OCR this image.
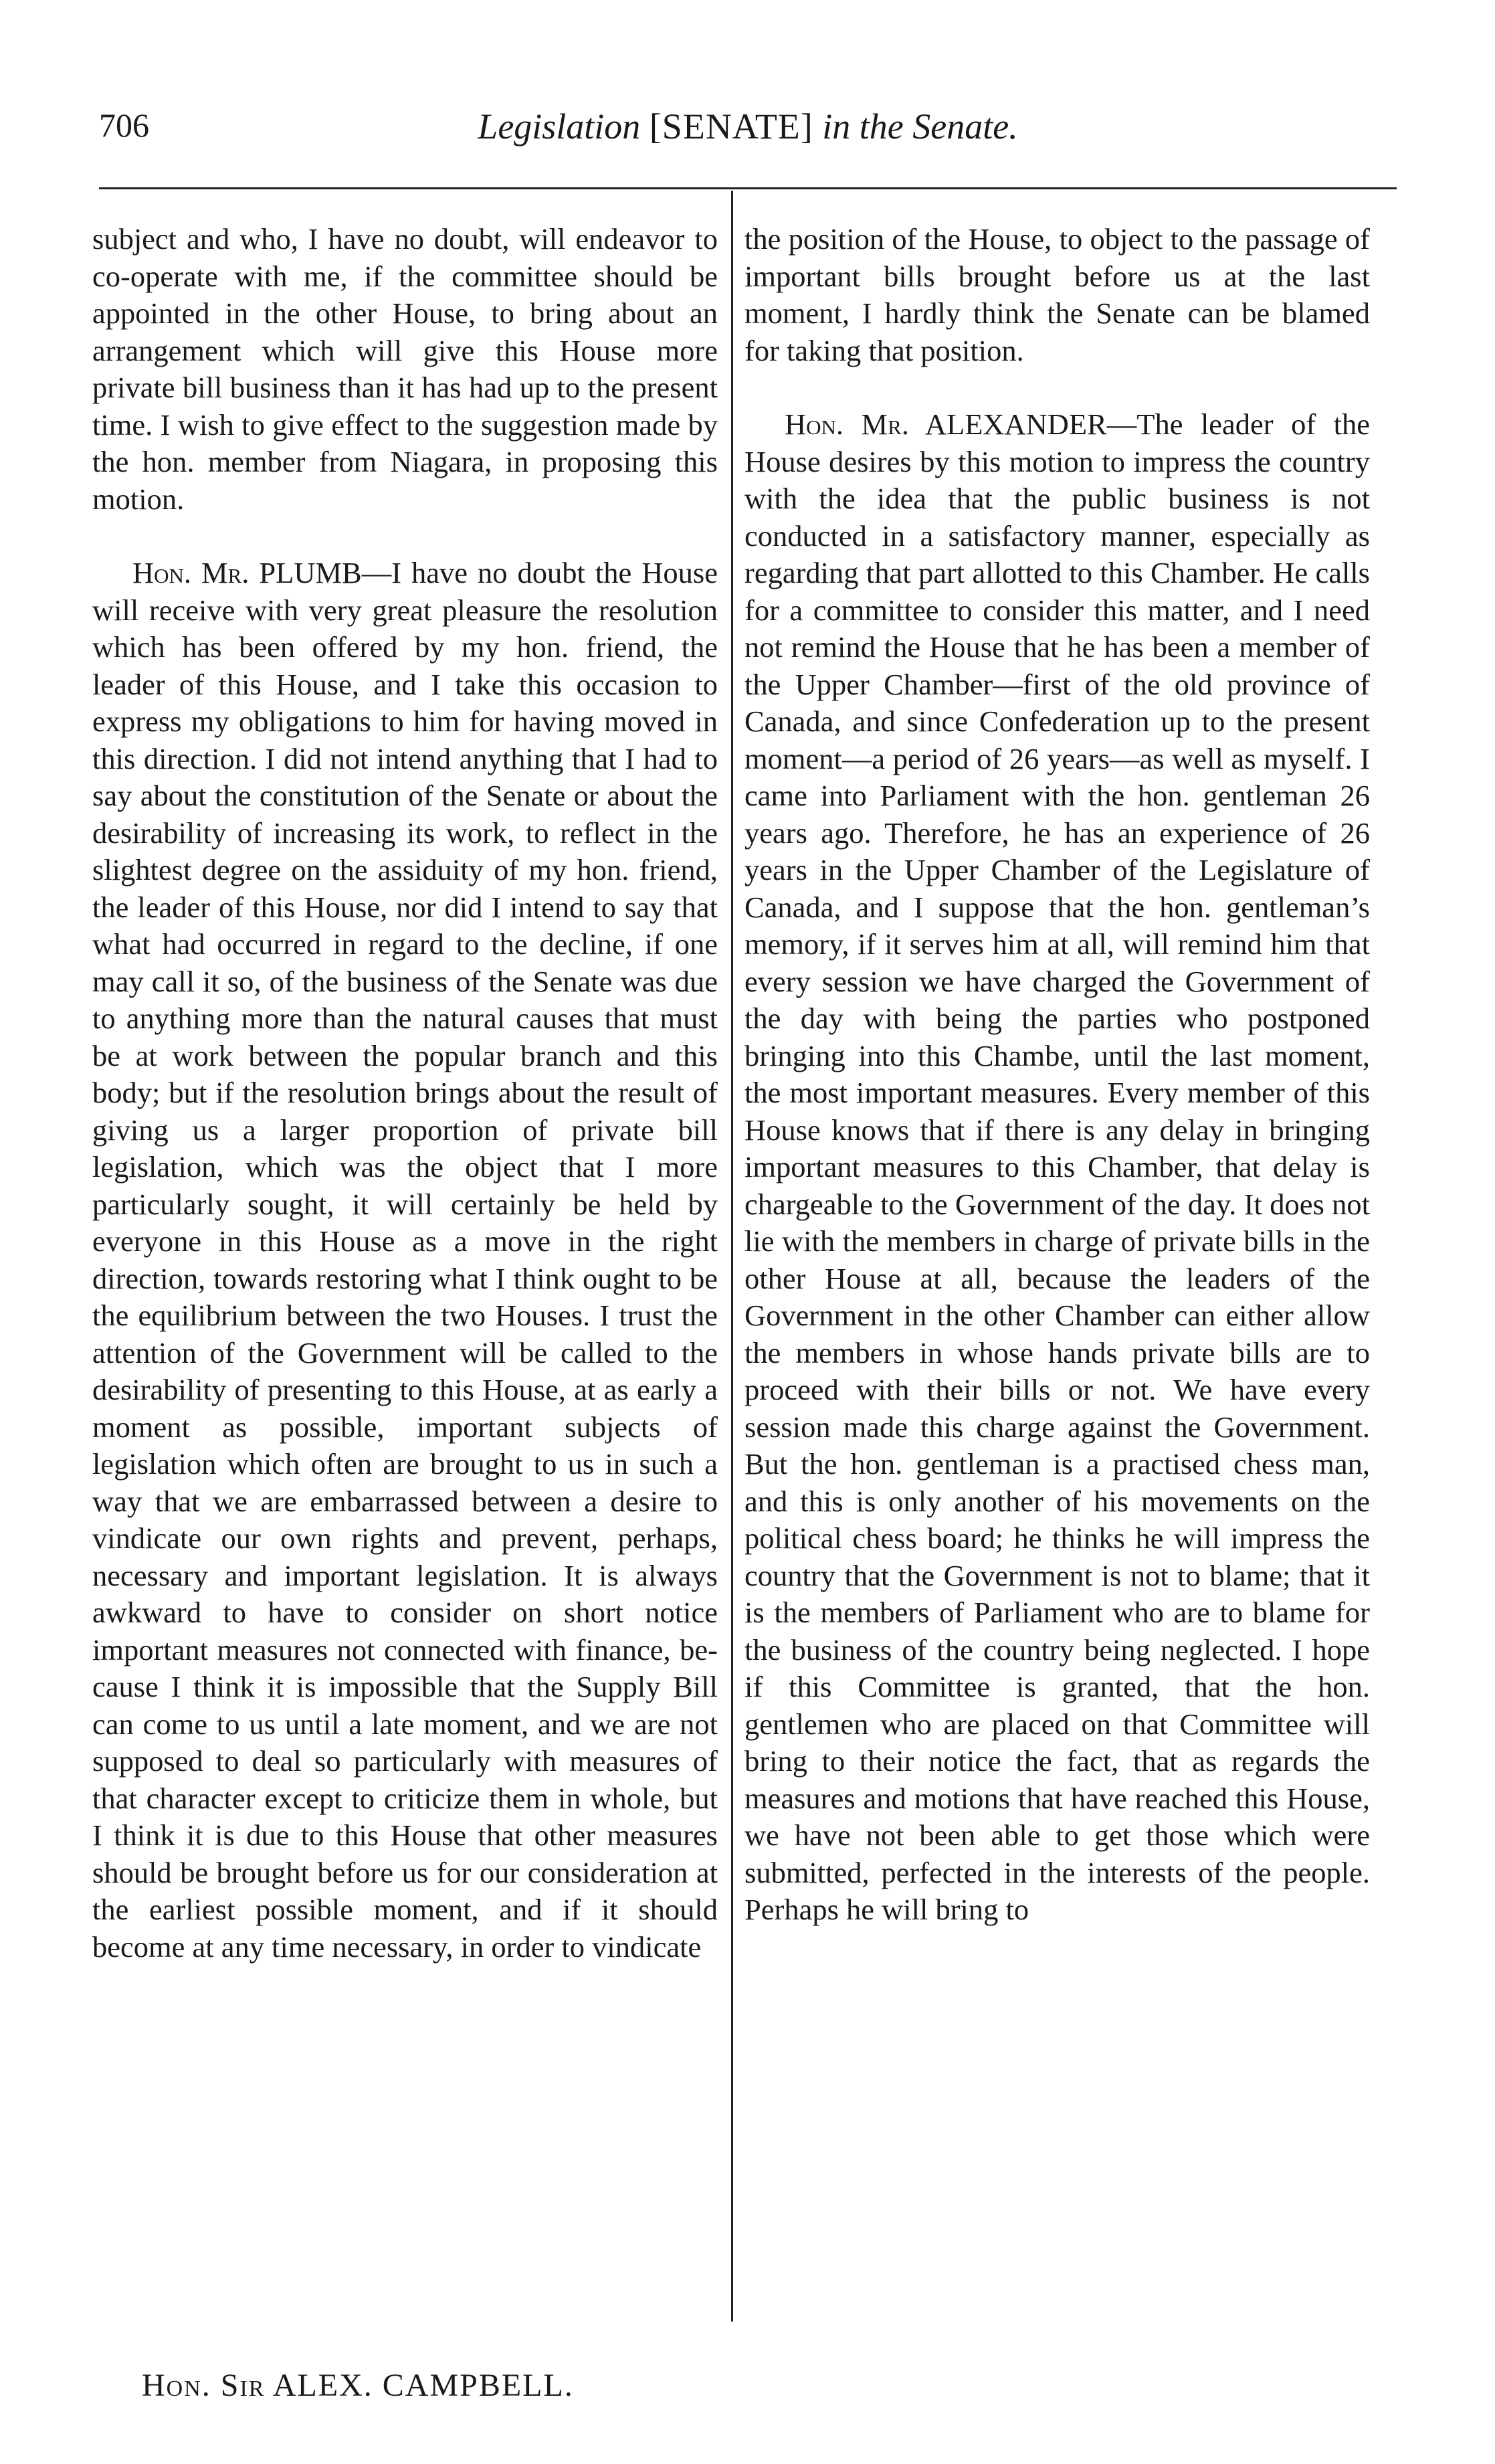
706	Legislation [SENATE] in the Senate.

subject and who, I have no doubt, will endeavor to co-operate with me, if the committee should be appointed in the other House, to bring about an arrangement which will give this House more private bill business than it has had up to the present time. I wish to give effect to the suggestion made by the hon. member from Niagara, in proposing this motion.

Hon. Mr. PLUMB—I have no doubt the House will receive with very great pleasure the resolution which has been offered by my hon. friend, the leader of this House, and I take this occasion to express my obligations to him for having moved in this direction. I did not intend anything that I had to say about the constitution of the Senate or about the desirability of increasing its work, to reflect in the slightest degree on the assiduity of my hon. friend, the leader of this House, nor did I intend to say that what had occurred in regard to the decline, if one may call it so, of the business of the Senate was due to anything more than the natural causes that must be at work between the popular branch and this body; but if the resolution brings about the result of giving us a larger proportion of private bill legislation, which was the object that I more particularly sought, it will certainly be held by everyone in this House as a move in the right direction, towards restoring what I think ought to be the equilibrium between the two Houses. I trust the attention of the Government will be called to the desirability of presenting to this House, at as early a moment as possible, important subjects of legislation which often are brought to us in such a way that we are embarrassed between a desire to vindicate our own rights and prevent, perhaps, necessary and important legislation. It is always awkward to have to consider on short notice important measures not connected with finance, because I think it is impossible that the Supply Bill can come to us until a late moment, and we are not supposed to deal so particularly with measures of that character except to criticize them in whole, but I think it is due to this House that other measures should be brought before us for our consideration at the earliest possible moment, and if it should become at any time necessary, in order to vindicate

the position of the House, to object to the passage of important bills brought before us at the last moment, I hardly think the Senate can be blamed for taking that position.

Hon. Mr. ALEXANDER—The leader of the House desires by this motion to impress the country with the idea that the public business is not conducted in a satisfactory manner, especially as regarding that part allotted to this Chamber. He calls for a committee to consider this matter, and I need not remind the House that he has been a member of the Upper Chamber—first of the old province of Canada, and since Confederation up to the present moment—a period of 26 years—as well as myself. I came into Parliament with the hon. gentleman 26 years ago. Therefore, he has an experience of 26 years in the Upper Chamber of the Legislature of Canada, and I suppose that the hon. gentleman’s memory, if it serves him at all, will remind him that every session we have charged the Government of the day with being the parties who postponed bringing into this Chambe, until the last moment, the most important measures. Every member of this House knows that if there is any delay in bringing important measures to this Chamber, that delay is chargeable to the Government of the day. It does not lie with the members in charge of private bills in the other House at all, because the leaders of the Government in the other Chamber can either allow the members in whose hands private bills are to proceed with their bills or not. We have every session made this charge against the Government. But the hon. gentleman is a practised chess man, and this is only another of his movements on the political chess board; he thinks he will impress the country that the Government is not to blame; that it is the members of Parliament who are to blame for the business of the country being neglected. I hope if this Committee is granted, that the hon. gentlemen who are placed on that Committee will bring to their notice the fact, that as regards the measures and motions that have reached this House, we have not been able to get those which were submitted, perfected in the interests of the people. Perhaps he will bring to

Hon. Sir ALEX. CAMPBELL.
